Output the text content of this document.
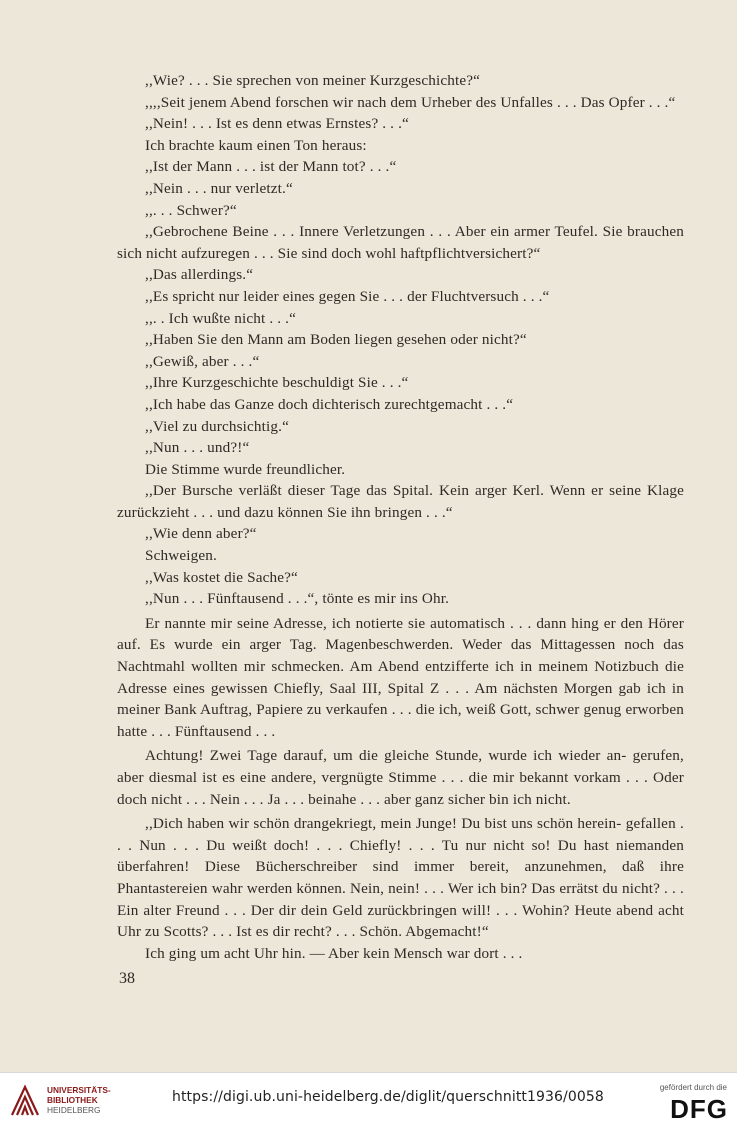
,,Wie? . . . Sie sprechen von meiner Kurzgeschichte?“

,,,,Seit jenem Abend forschen wir nach dem Urheber des Unfalles . . . Das Opfer . . .“

,,Nein! . . . Ist es denn etwas Ernstes? . . .“

Ich brachte kaum einen Ton heraus:

,,Ist der Mann . . . ist der Mann tot? . . .“

,,Nein . . . nur verletzt.“

,,. . . Schwer?“

,,Gebrochene Beine . . . Innere Verletzungen . . . Aber ein armer Teufel. Sie brauchen sich nicht aufzuregen . . . Sie sind doch wohl haftpflichtversichert?“

,,Das allerdings.“

,,Es spricht nur leider eines gegen Sie . . . der Fluchtversuch . . .“

,,. . Ich wußte nicht . . .“

,,Haben Sie den Mann am Boden liegen gesehen oder nicht?“

,,Gewiß, aber . . .“

,,Ihre Kurzgeschichte beschuldigt Sie . . .“

,,Ich habe das Ganze doch dichterisch zurechtgemacht . . .“

,,Viel zu durchsichtig.“

,,Nun . . . und?!“

Die Stimme wurde freundlicher.

,,Der Bursche verläßt dieser Tage das Spital. Kein arger Kerl. Wenn er seine Klage zurückzieht . . . und dazu können Sie ihn bringen . . .“

,,Wie denn aber?“

Schweigen.

,,Was kostet die Sache?“

,,Nun . . . Fünftausend . . .“, tönte es mir ins Ohr.

Er nannte mir seine Adresse, ich notierte sie automatisch . . . dann hing er den Hörer auf. Es wurde ein arger Tag. Magenbeschwerden. Weder das Mittagessen noch das Nachtmahl wollten mir schmecken. Am Abend entzifferte ich in meinem Notizbuch die Adresse eines gewissen Chiefly, Saal III, Spital Z . . . Am nächsten Morgen gab ich in meiner Bank Auftrag, Papiere zu verkaufen . . . die ich, weiß Gott, schwer genug erworben hatte . . . Fünftausend . . .

Achtung! Zwei Tage darauf, um die gleiche Stunde, wurde ich wieder an- gerufen, aber diesmal ist es eine andere, vergnügte Stimme . . . die mir bekannt vorkam . . . Oder doch nicht . . . Nein . . . Ja . . . beinahe . . . aber ganz sicher bin ich nicht.

,,Dich haben wir schön drangekriegt, mein Junge! Du bist uns schön herein- gefallen . . . Nun . . . Du weißt doch! . . . Chiefly! . . . Tu nur nicht so! Du hast niemanden überfahren! Diese Bücherschreiber sind immer bereit, anzunehmen, daß ihre Phantastereien wahr werden können. Nein, nein! . . . Wer ich bin? Das errätst du nicht? . . . Ein alter Freund . . . Der dir dein Geld zurückbringen will! . . . Wohin? Heute abend acht Uhr zu Scotts? . . . Ist es dir recht? . . . Schön. Abgemacht!“

Ich ging um acht Uhr hin. — Aber kein Mensch war dort . . .

38
UNIVERSITÄTS-
BIBLIOTHEK
HEIDELBERG
https://digi.ub.uni-heidelberg.de/diglit/querschnitt1936/0058
gefördert durch die
DFG
